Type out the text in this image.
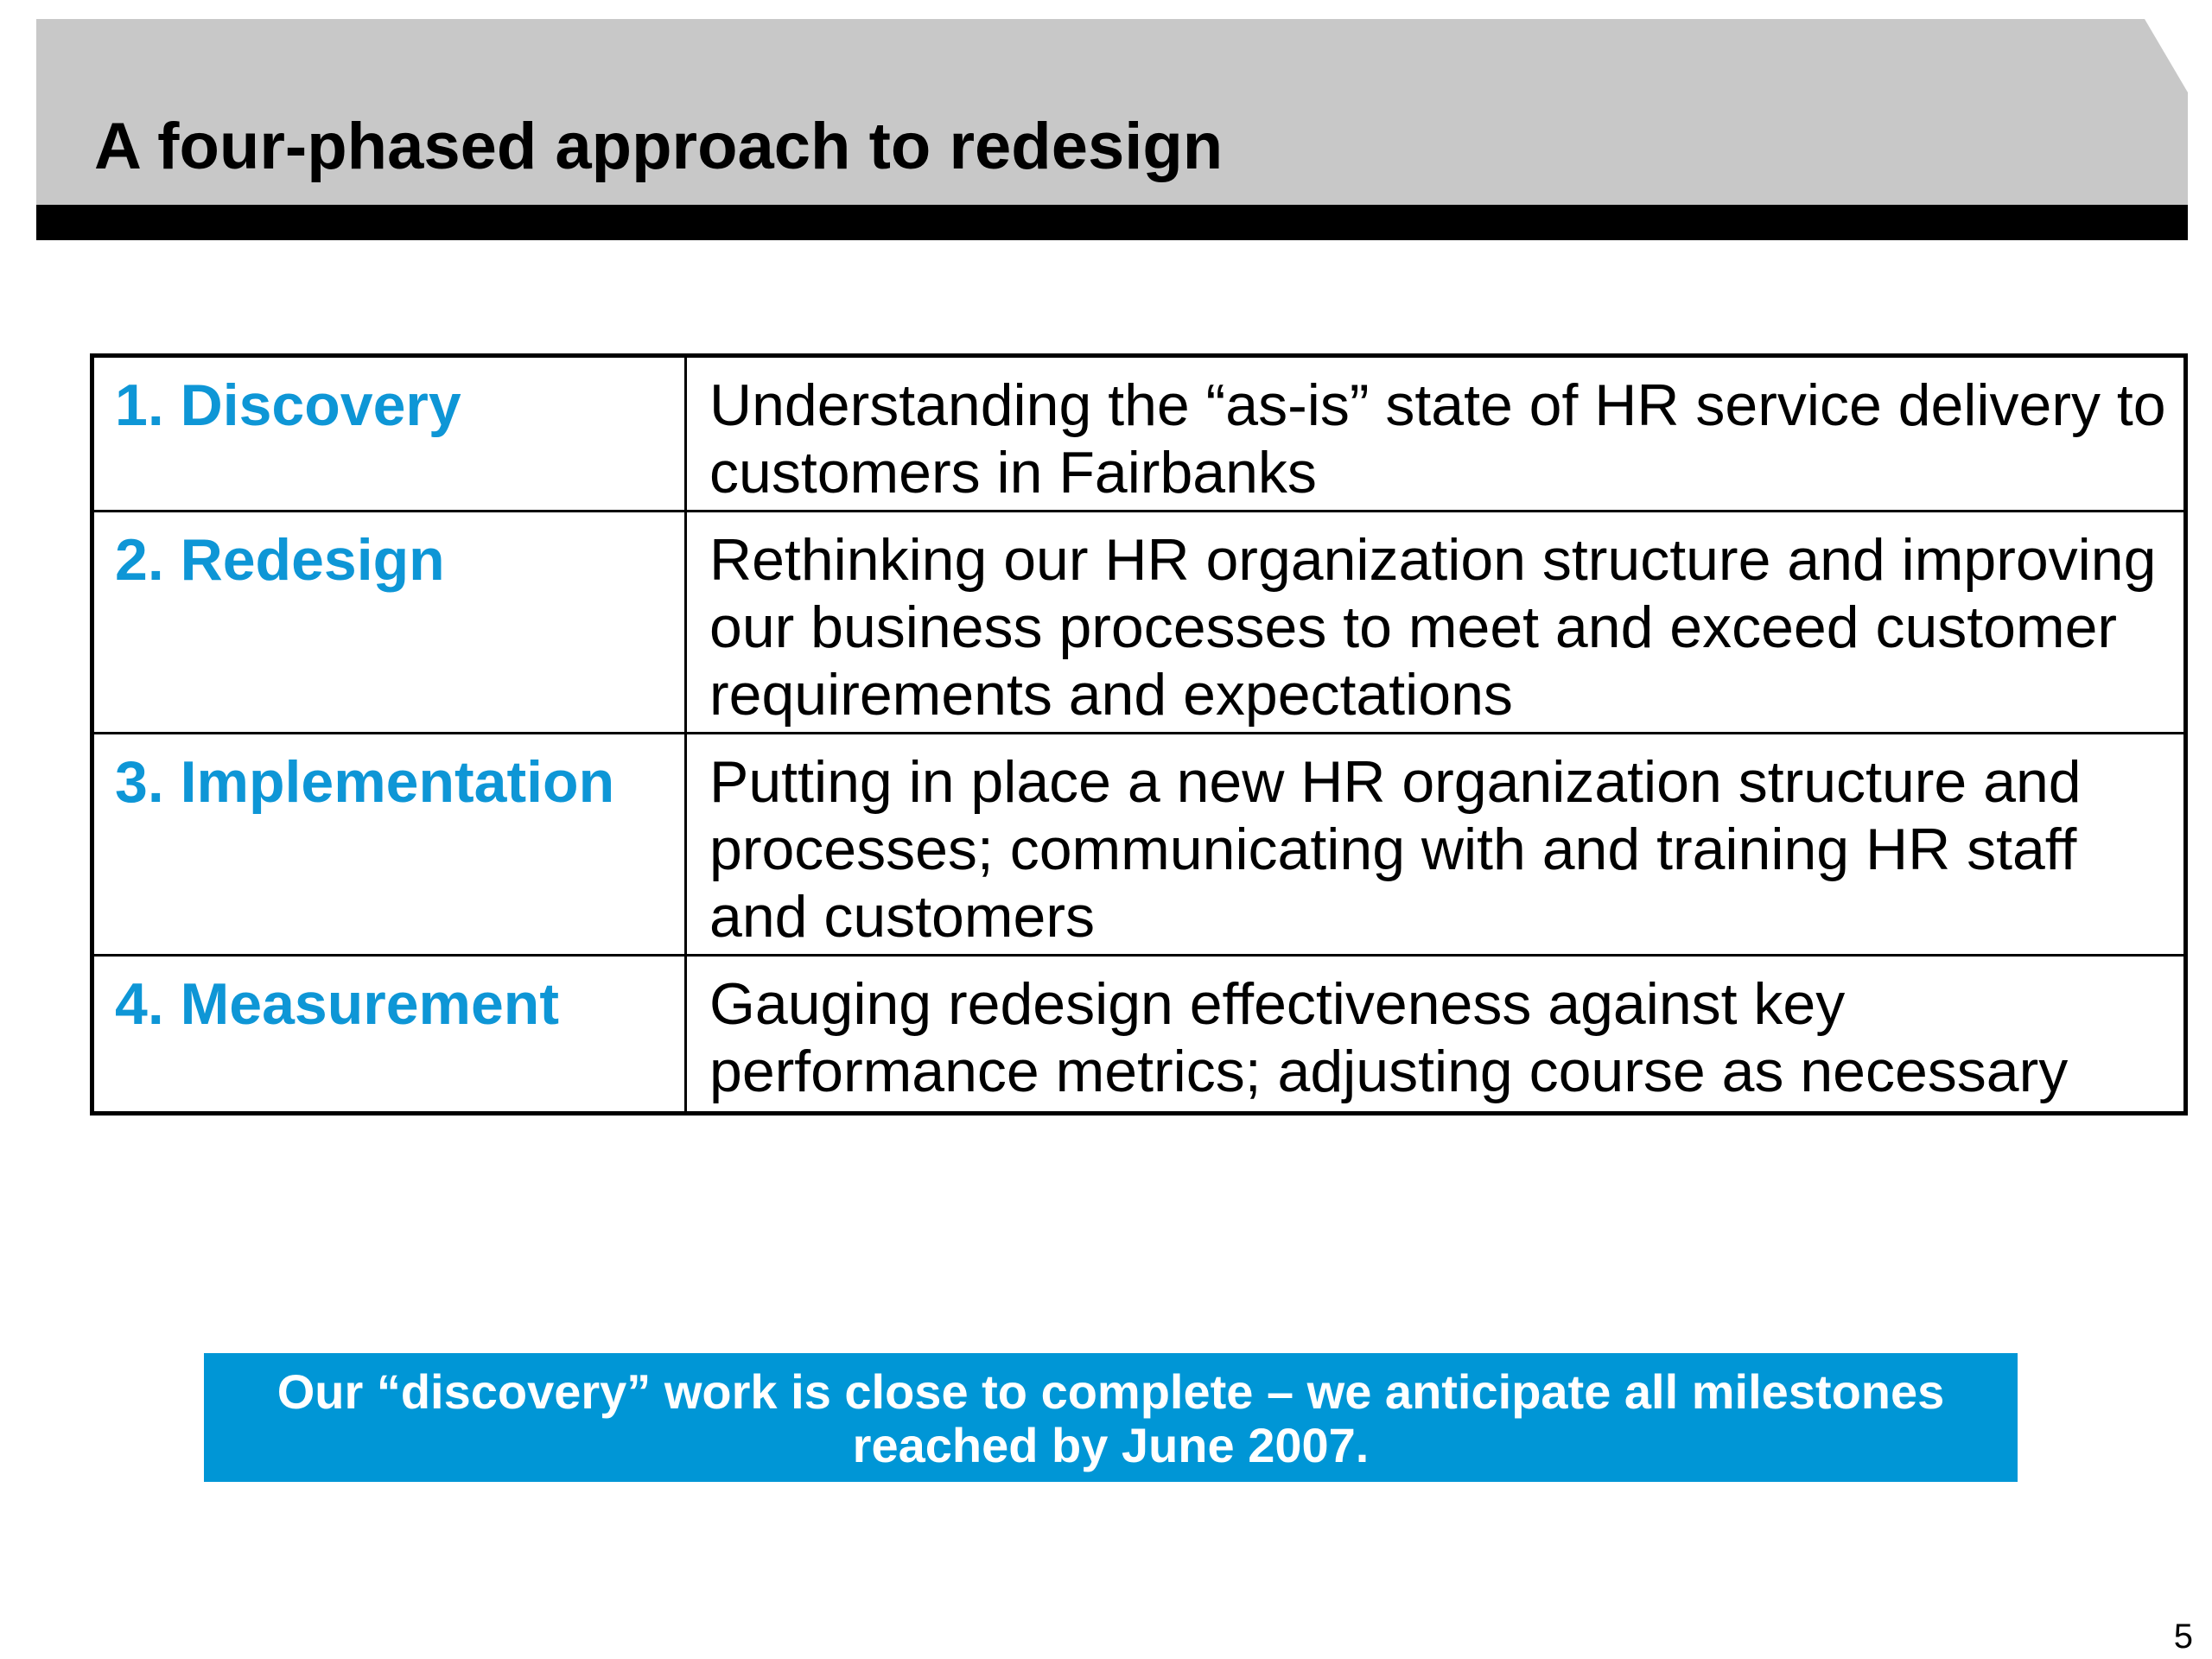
A four-phased approach to redesign
1. Discovery	Understanding the “as-is” state of HR service delivery to customers in Fairbanks
2. Redesign	Rethinking our HR organization structure and improving our business processes to meet and exceed customer requirements and expectations
3. Implementation	Putting in place a new HR organization structure and processes; communicating with and training HR staff and customers
4. Measurement	Gauging redesign effectiveness against key performance metrics; adjusting course as necessary
Our “discovery” work is close to complete – we anticipate all milestones reached by June 2007.
5
